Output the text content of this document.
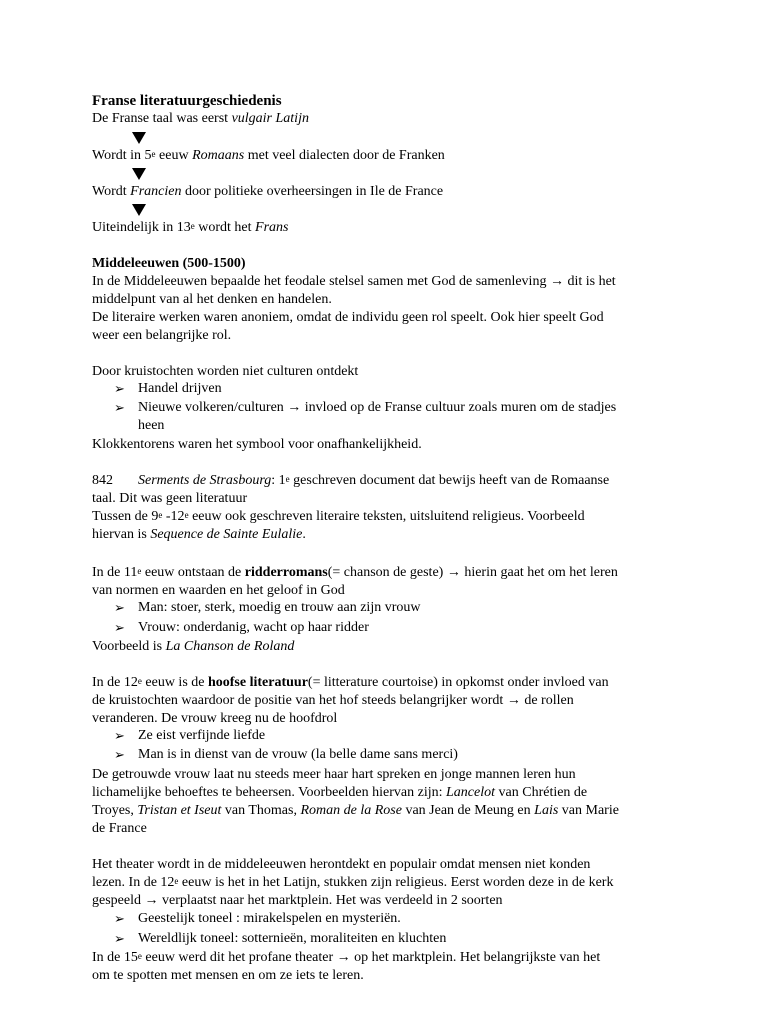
Franse literatuurgeschiedenis
De Franse taal was eerst vulgair Latijn
Wordt in 5e eeuw Romaans met veel dialecten door de Franken
Wordt Francien door politieke overheersingen in Ile de France
Uiteindelijk in 13e wordt het Frans
Middeleeuwen (500-1500)
In de Middeleeuwen bepaalde het feodale stelsel samen met God de samenleving → dit is het
middelpunt van al het denken en handelen.
De literaire werken waren anoniem, omdat de individu geen rol speelt. Ook hier speelt God
weer een belangrijke rol.
Door kruistochten worden niet culturen ontdekt
➢ Handel drijven
➢ Nieuwe volkeren/culturen → invloed op de Franse cultuur zoals muren om de stadjes
heen
Klokkentorens waren het symbool voor onafhankelijkheid.
842 Serments de Strasbourg: 1e geschreven document dat bewijs heeft van de Romaanse
taal. Dit was geen literatuur
Tussen de 9e -12e eeuw ook geschreven literaire teksten, uitsluitend religieus. Voorbeeld
hiervan is Sequence de Sainte Eulalie.
In de 11e eeuw ontstaan de ridderromans(= chanson de geste) → hierin gaat het om het leren
van normen en waarden en het geloof in God
➢ Man: stoer, sterk, moedig en trouw aan zijn vrouw
➢ Vrouw: onderdanig, wacht op haar ridder
Voorbeeld is La Chanson de Roland
In de 12e eeuw is de hoofse literatuur(= litterature courtoise) in opkomst onder invloed van
de kruistochten waardoor de positie van het hof steeds belangrijker wordt → de rollen
veranderen. De vrouw kreeg nu de hoofdrol
➢ Ze eist verfijnde liefde
➢ Man is in dienst van de vrouw (la belle dame sans merci)
De getrouwde vrouw laat nu steeds meer haar hart spreken en jonge mannen leren hun
lichamelijke behoeftes te beheersen. Voorbeelden hiervan zijn: Lancelot van Chrétien de
Troyes, Tristan et Iseut van Thomas, Roman de la Rose van Jean de Meung en Lais van Marie
de France
Het theater wordt in de middeleeuwen herontdekt en populair omdat mensen niet konden
lezen. In de 12e eeuw is het in het Latijn, stukken zijn religieus. Eerst worden deze in de kerk
gespeeld → verplaatst naar het marktplein. Het was verdeeld in 2 soorten
➢ Geestelijk toneel : mirakelspelen en mysteriën.
➢ Wereldlijk toneel: sotternieën, moraliteiten en kluchten
In de 15e eeuw werd dit het profane theater → op het marktplein. Het belangrijkste van het
om te spotten met mensen en om ze iets te leren.
